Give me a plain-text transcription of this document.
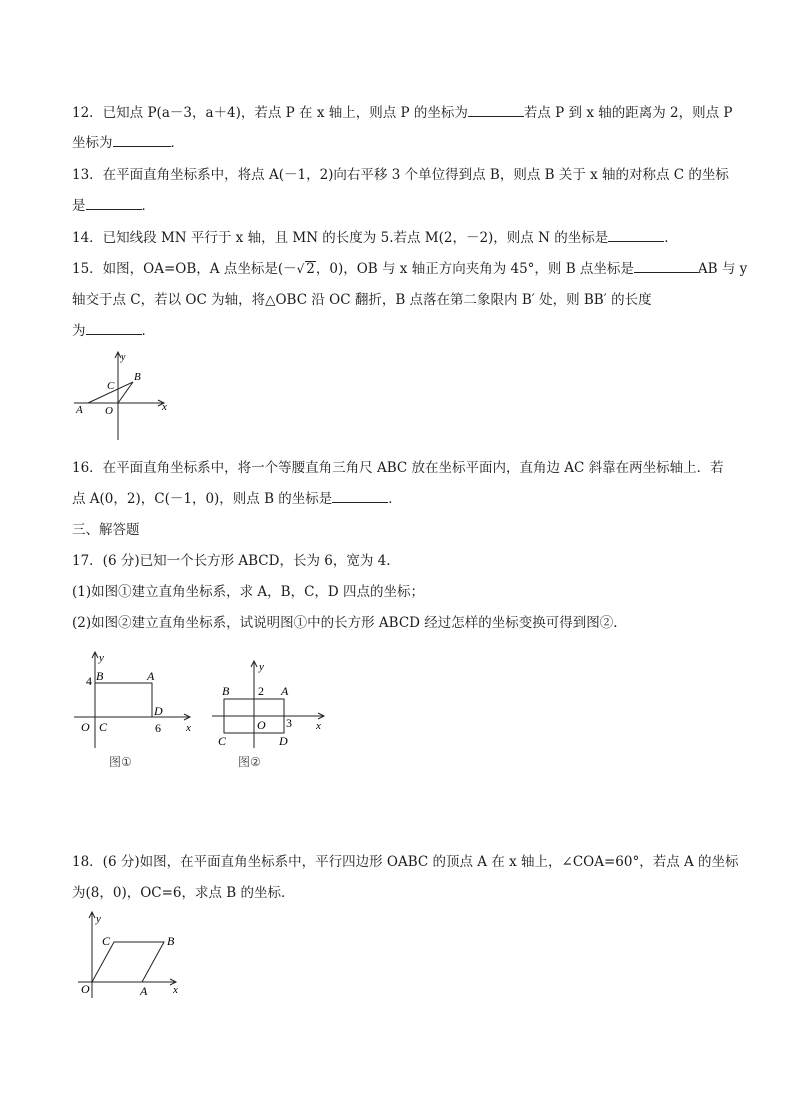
12．已知点 P(a－3，a＋4)，若点 P 在 x 轴上，则点 P 的坐标为	若点 P 到 x 轴的距离为 2，则点 P
坐标为	．
13．在平面直角坐标系中，将点 A(－1，2)向右平移 3 个单位得到点 B，则点 B 关于 x 轴的对称点 C 的坐标
是	．
14．已知线段 MN 平行于 x 轴，且 MN 的长度为 5.若点 M(2，－2)，则点 N 的坐标是	．
15．如图，OA=OB，A 点坐标是(－√ 2，0)，OB 与 x 轴正方向夹角为 45°，则 B 点坐标是	AB 与 y
轴交于点 C，若以 OC 为轴，将△OBC 沿 OC 翻折，B 点落在第二象限内 B′ 处，则 BB′ 的长度
为	．
A O
C
B
x
y
16．在平面直角坐标系中，将一个等腰直角三角尺 ABC 放在坐标平面内，直角边 AC 斜靠在两坐标轴上．若
点 A(0，2)，C(－1，0)，则点 B 的坐标是	．
三、解答题
17．(6 分)已知一个长方形 ABCD，长为 6，宽为 4.
(1)如图①建立直角坐标系，求 A，B，C，D 四点的坐标；
(2)如图②建立直角坐标系，试说明图①中的长方形 ABCD 经过怎样的坐标变换可得到图②.
y
4 B	A
D
O C	6 x
图①
y
B 2 A
O 3 x
C	D
图②
18．(6 分)如图，在平面直角坐标系中，平行四边形 OABC 的顶点 A 在 x 轴上，∠COA=60°，若点 A 的坐标
为(8，0)，OC=6，求点 B 的坐标．
y
C	B
O	A x
